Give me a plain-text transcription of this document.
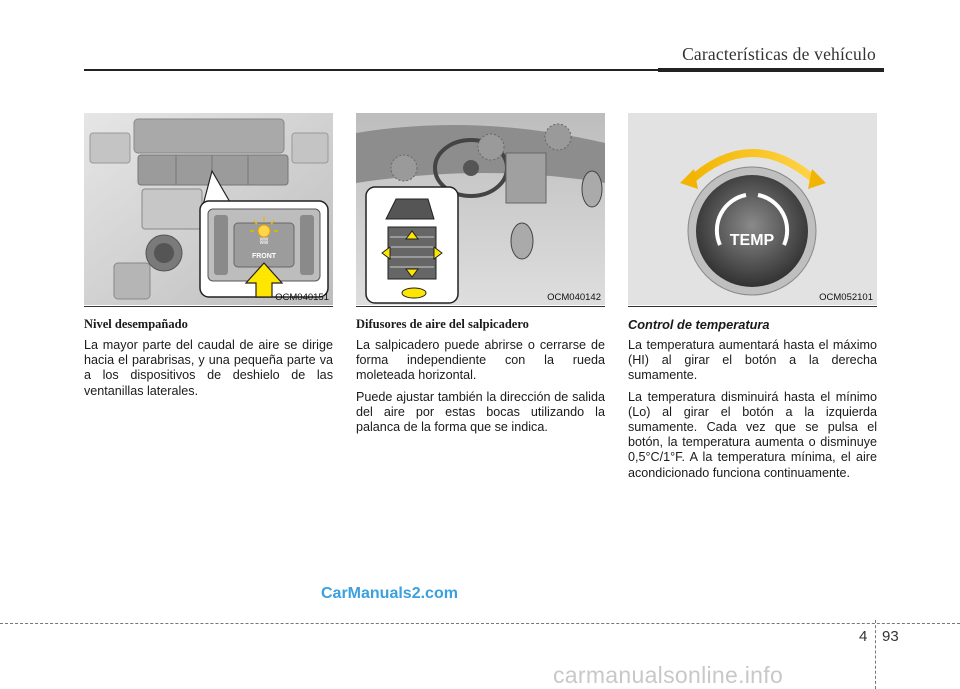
Características de vehículo
ʬʬ
FRONT
OCM040151
Nivel desempañado
La mayor parte del caudal de aire se dirige hacia el parabrisas, y una pequeña parte va a los dispositivos de deshielo de las ventanillas laterales.
OCM040142
Difusores de aire del salpicadero
La salpicadero puede abrirse o cerrarse de forma independiente con la rueda moleteada horizontal.
Puede ajustar también la dirección de salida del aire por estas bocas utilizando la palanca de la forma que se indica.
TEMP
OCM052101
Control de temperatura
La temperatura aumentará hasta el máximo (HI) al girar el botón a la derecha sumamente.
La temperatura disminuirá hasta el mínimo (Lo) al girar el botón a la izquierda sumamente. Cada vez que se pulsa el botón, la temperatura aumenta o disminuye 0,5°C/1°F. A la temperatura mínima, el aire acondicionado funciona continuamente.
CarManuals2.com
4 93
carmanualsonline.info
